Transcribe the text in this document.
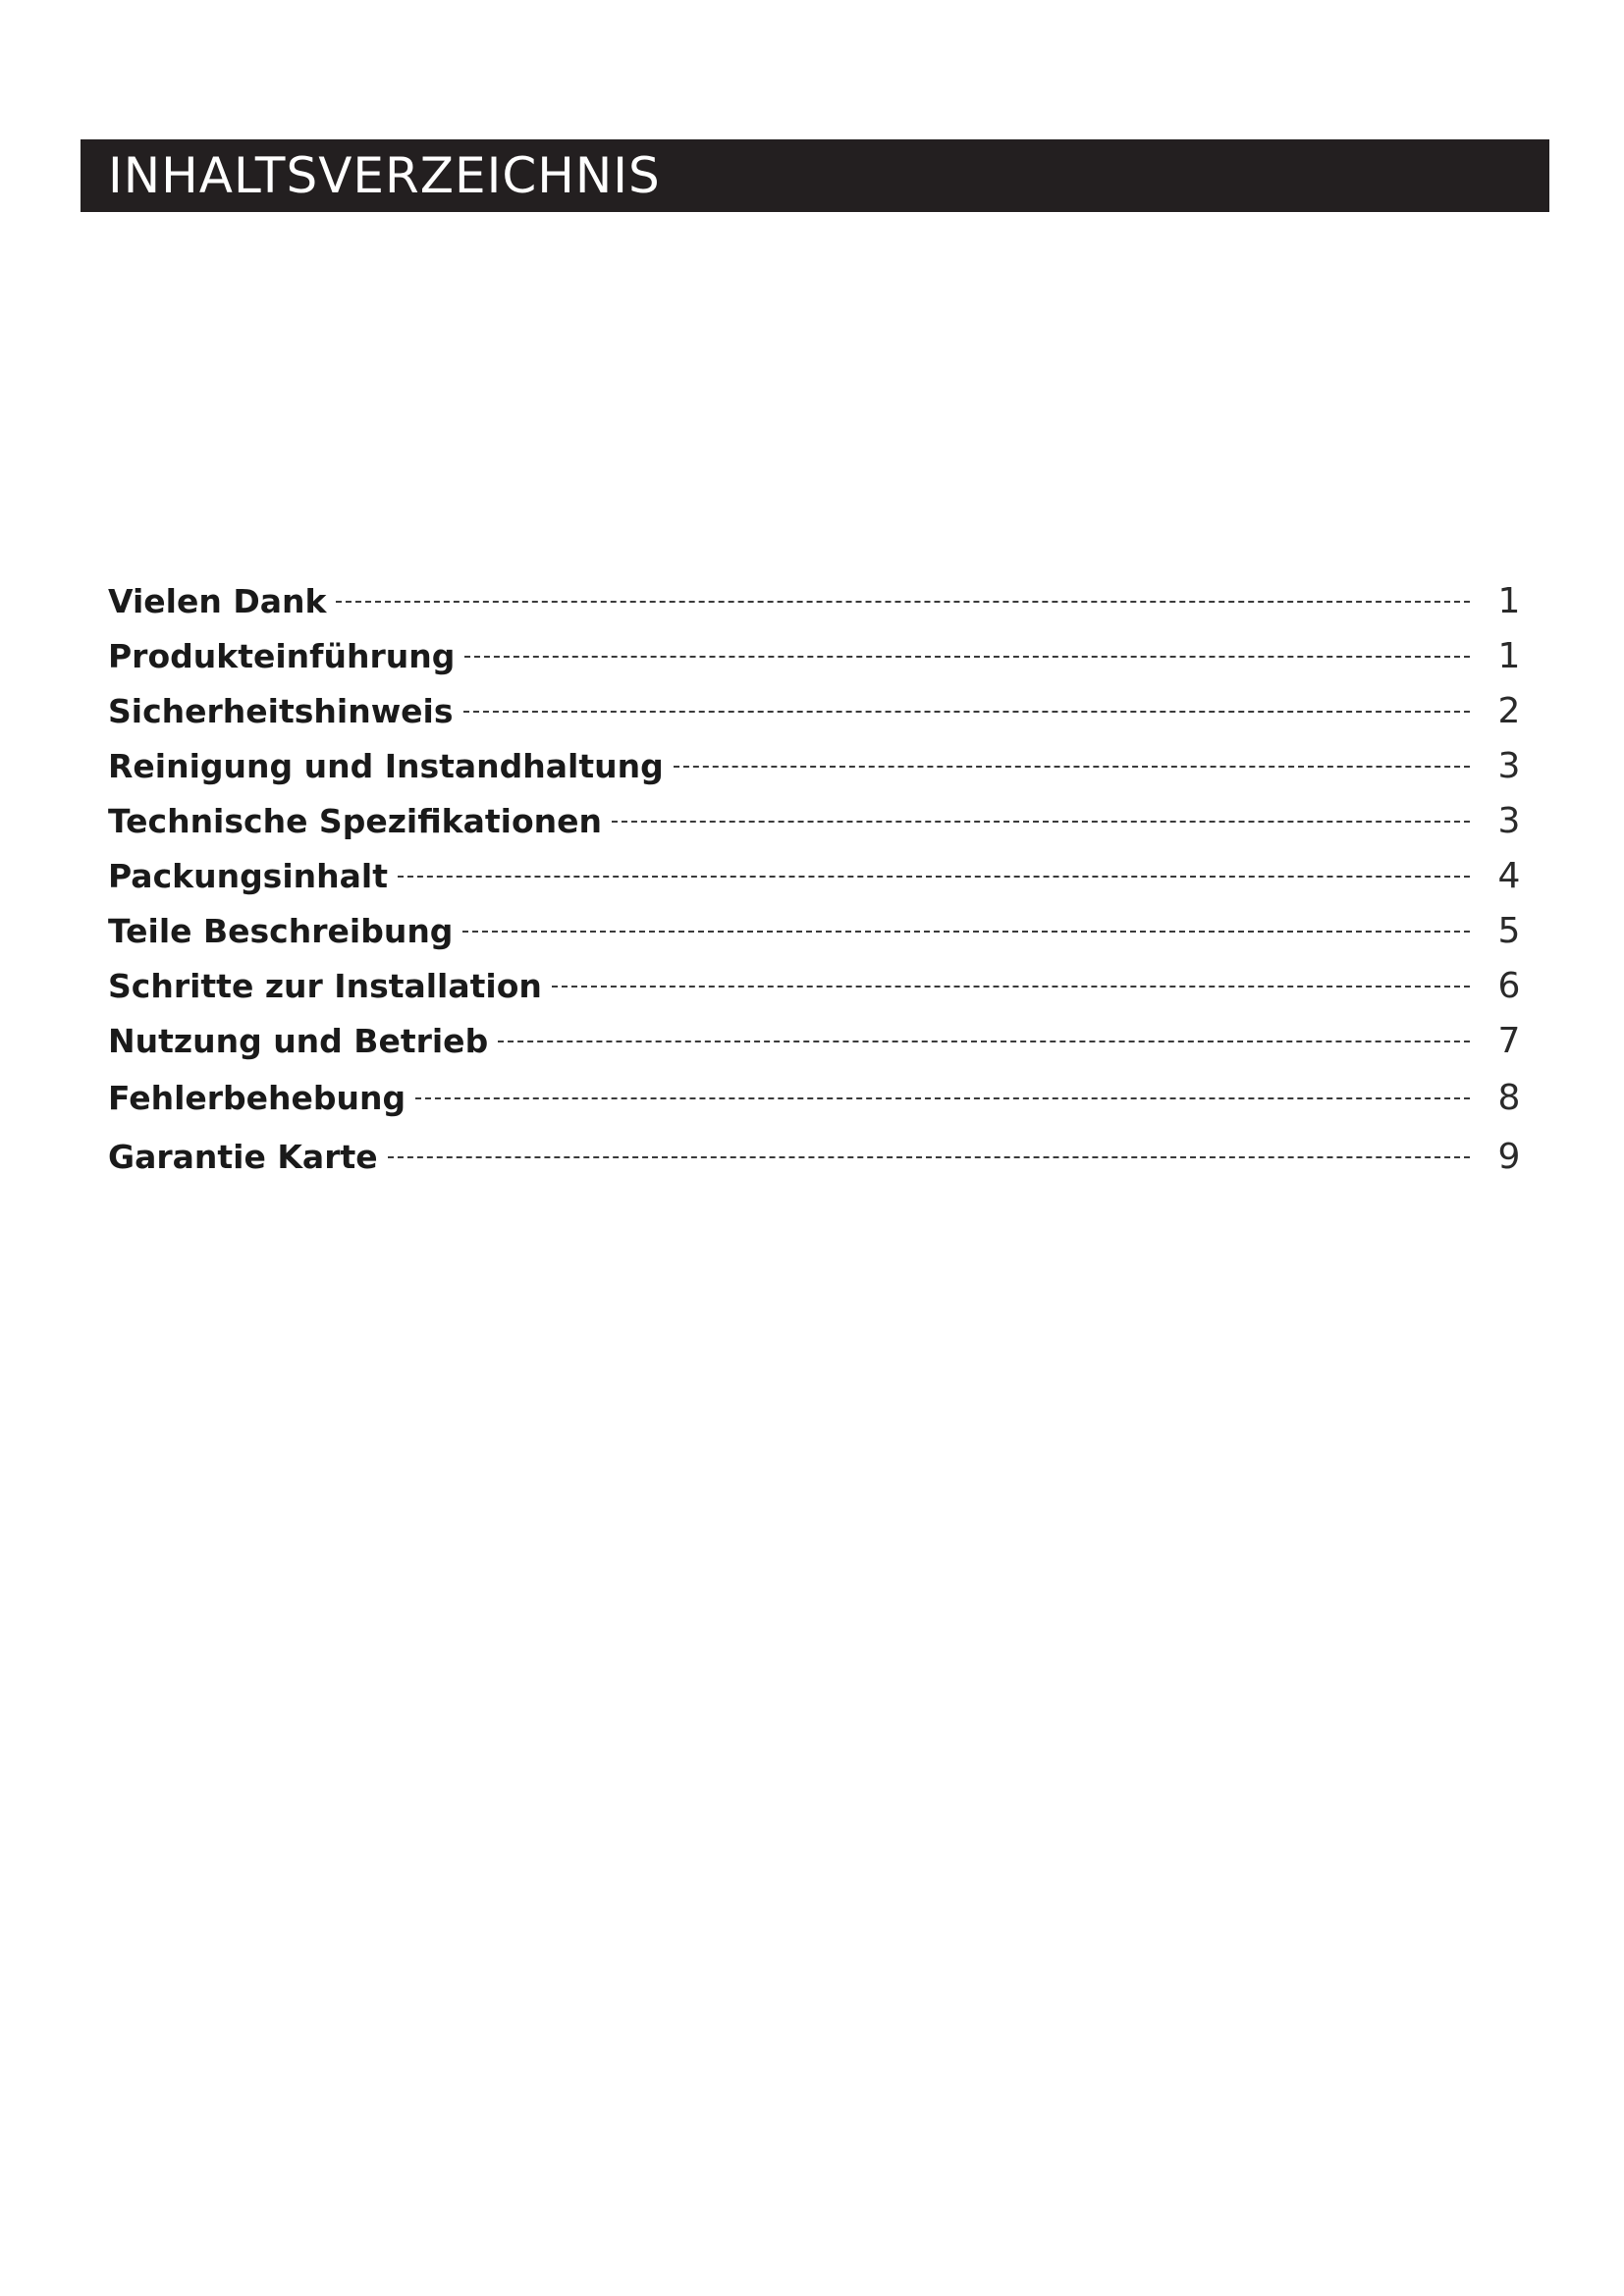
INHALTSVERZEICHNIS
Vielen Dank	1
Produkteinführung	1
Sicherheitshinweis	2
Reinigung und Instandhaltung	3
Technische Spezifikationen	3
Packungsinhalt	4
Teile Beschreibung	5
Schritte zur Installation	6
Nutzung und Betrieb	7
Fehlerbehebung	8
Garantie Karte	9
